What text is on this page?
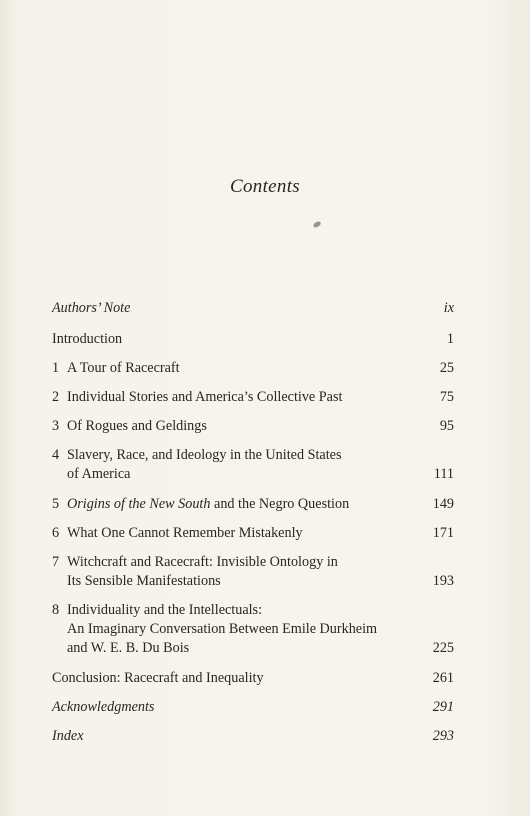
Contents
Authors’ Note	ix
Introduction	1
1 A Tour of Racecraft	25
2 Individual Stories and America’s Collective Past	75
3 Of Rogues and Geldings	95
4 Slavery, Race, and Ideology in the United States
of America	111
5 Origins of the New South and the Negro Question	149
6 What One Cannot Remember Mistakenly	171
7 Witchcraft and Racecraft: Invisible Ontology in
Its Sensible Manifestations	193
8 Individuality and the Intellectuals:
An Imaginary Conversation Between Emile Durkheim
and W. E. B. Du Bois	225
Conclusion: Racecraft and Inequality	261
Acknowledgments	291
Index	293
